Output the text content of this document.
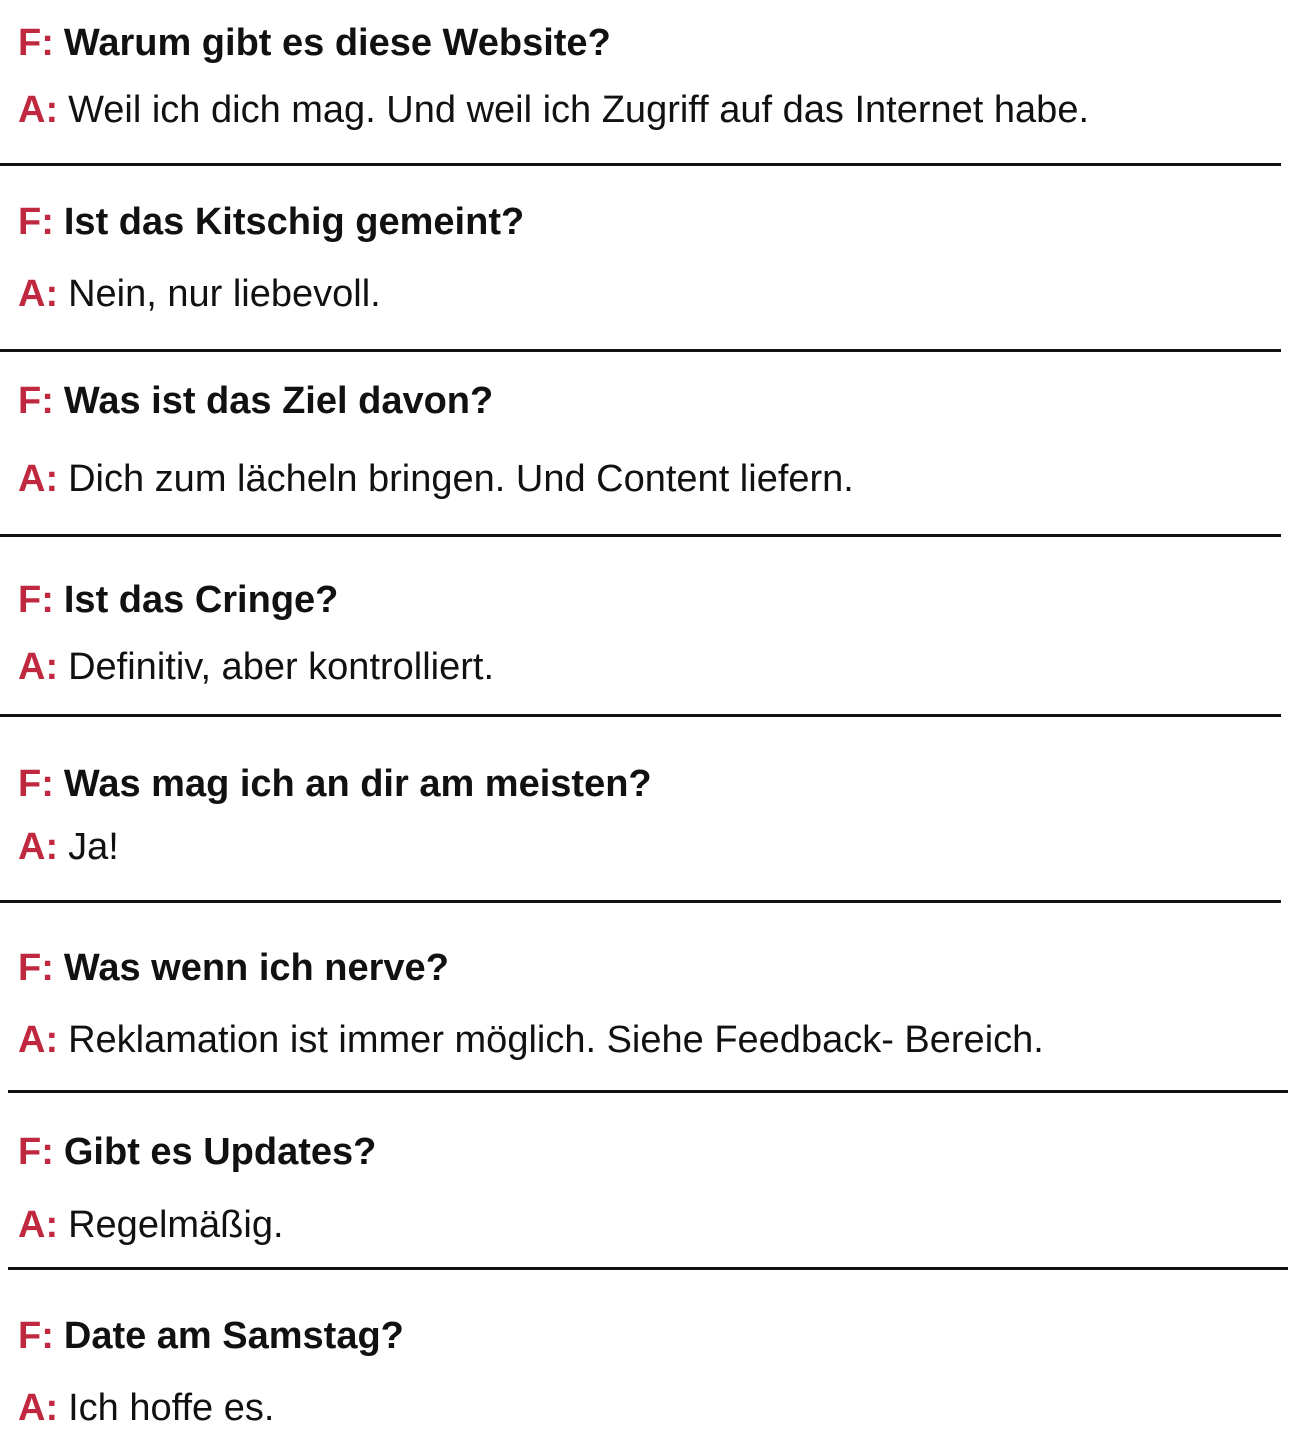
F: Warum gibt es diese Website?
A: Weil ich dich mag. Und weil ich Zugriff auf das Internet habe.
F: Ist das Kitschig gemeint?
A: Nein, nur liebevoll.
F: Was ist das Ziel davon?
A: Dich zum lächeln bringen. Und Content liefern.
F: Ist das Cringe?
A: Definitiv, aber kontrolliert.
F: Was mag ich an dir am meisten?
A: Ja!
F: Was wenn ich nerve?
A: Reklamation ist immer möglich. Siehe Feedback- Bereich.
F: Gibt es Updates?
A: Regelmäßig.
F: Date am Samstag?
A: Ich hoffe es.
